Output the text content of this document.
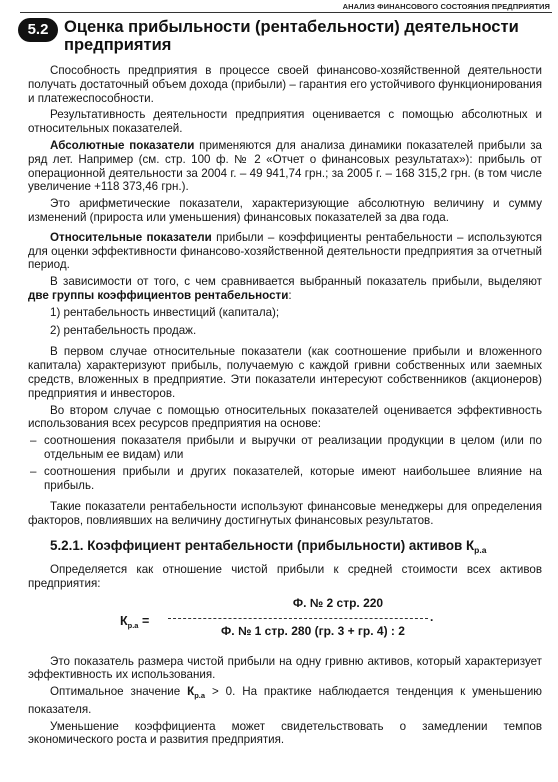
АНАЛИЗ ФИНАНСОВОГО СОСТОЯНИЯ ПРЕДПРИЯТИЯ
5.2 Оценка прибыльности (рентабельности) деятельности предприятия

Способность предприятия в процессе своей финансово-хозяйственной деятельности получать достаточный объем дохода (прибыли) – гарантия его устойчивого функционирования и платежеспособности.

Результативность деятельности предприятия оценивается с помощью абсолютных и относительных показателей.

Абсолютные показатели применяются для анализа динамики показателей прибыли за ряд лет. Например (см. стр. 100 ф. № 2 «Отчет о финансовых результатах»): прибыль от операционной деятельности за 2004 г. – 49 941,74 грн.; за 2005 г. – 168 315,2 грн. (в том числе увеличение +118 373,46 грн.).

Это арифметические показатели, характеризующие абсолютную величину и сумму изменений (прироста или уменьшения) финансовых показателей за два года.

Относительные показатели прибыли – коэффициенты рентабельности – используются для оценки эффективности финансово-хозяйственной деятельности предприятия за отчетный период.

В зависимости от того, с чем сравнивается выбранный показатель прибыли, выделяют две группы коэффициентов рентабельности:

1) рентабельность инвестиций (капитала);
2) рентабельность продаж.

В первом случае относительные показатели (как соотношение прибыли и вложенного капитала) характеризуют прибыль, получаемую с каждой гривни собственных или заемных средств, вложенных в предприятие. Эти показатели интересуют собственников (акционеров) предприятия и инвесторов.

Во втором случае с помощью относительных показателей оценивается эффективность использования всех ресурсов предприятия на основе:

– соотношения показателя прибыли и выручки от реализации продукции в целом (или по отдельным ее видам) или
– соотношения прибыли и других показателей, которые имеют наибольшее влияние на прибыль.

Такие показатели рентабельности используют финансовые менеджеры для определения факторов, повлиявших на величину достигнутых финансовых результатов.

5.2.1. Коэффициент рентабельности (прибыльности) активов $К_{р.а}$

Определяется как отношение чистой прибыли к средней стоимости всех активов предприятия:

$К_{р.а}$ =
Ф. № 2 стр. 220
.
Ф. № 1 стр. 280 (гр. 3 + гр. 4) : 2

Это показатель размера чистой прибыли на одну гривню активов, который характеризует эффективность их использования.

Оптимальное значение $К_{р.а} > 0$. На практике наблюдается тенденция к уменьшению показателя.

Уменьшение коэффициента может свидетельствовать о замедлении темпов экономического роста и развития предприятия.
